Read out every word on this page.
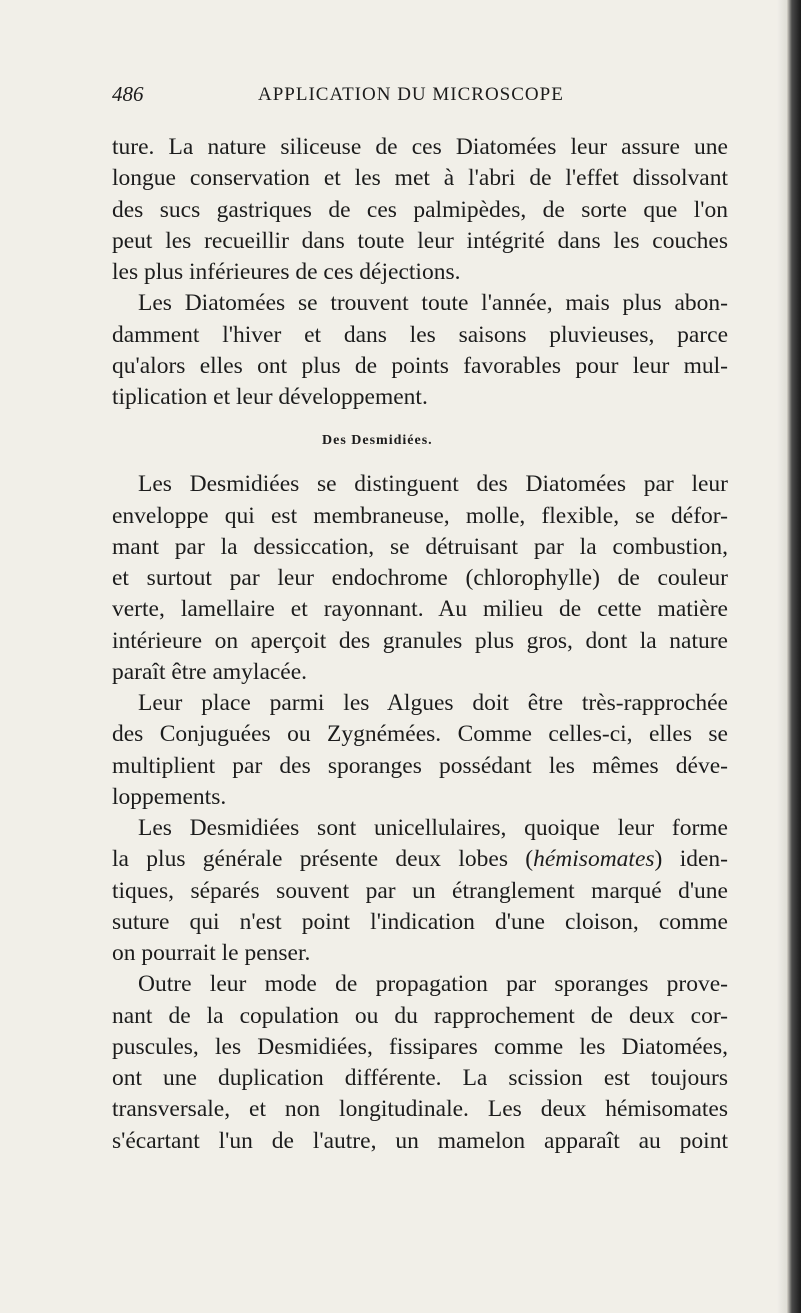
486	APPLICATION DU MICROSCOPE
ture. La nature siliceuse de ces Diatomées leur assure une
longue conservation et les met à l'abri de l'effet dissolvant
des sucs gastriques de ces palmipèdes, de sorte que l'on
peut les recueillir dans toute leur intégrité dans les couches
les plus inférieures de ces déjections.
Les Diatomées se trouvent toute l'année, mais plus abon-
damment l'hiver et dans les saisons pluvieuses, parce
qu'alors elles ont plus de points favorables pour leur mul-
tiplication et leur développement.
Des Desmidiées.
Les Desmidiées se distinguent des Diatomées par leur
enveloppe qui est membraneuse, molle, flexible, se défor-
mant par la dessiccation, se détruisant par la combustion,
et surtout par leur endochrome (chlorophylle) de couleur
verte, lamellaire et rayonnant. Au milieu de cette matière
intérieure on aperçoit des granules plus gros, dont la nature
paraît être amylacée.
Leur place parmi les Algues doit être très-rapprochée
des Conjuguées ou Zygnémées. Comme celles-ci, elles se
multiplient par des sporanges possédant les mêmes déve-
loppements.
Les Desmidiées sont unicellulaires, quoique leur forme
la plus générale présente deux lobes (hémisomates) iden-
tiques, séparés souvent par un étranglement marqué d'une
suture qui n'est point l'indication d'une cloison, comme
on pourrait le penser.
Outre leur mode de propagation par sporanges prove-
nant de la copulation ou du rapprochement de deux cor-
puscules, les Desmidiées, fissipares comme les Diatomées,
ont une duplication différente. La scission est toujours
transversale, et non longitudinale. Les deux hémisomates
s'écartant l'un de l'autre, un mamelon apparaît au point
